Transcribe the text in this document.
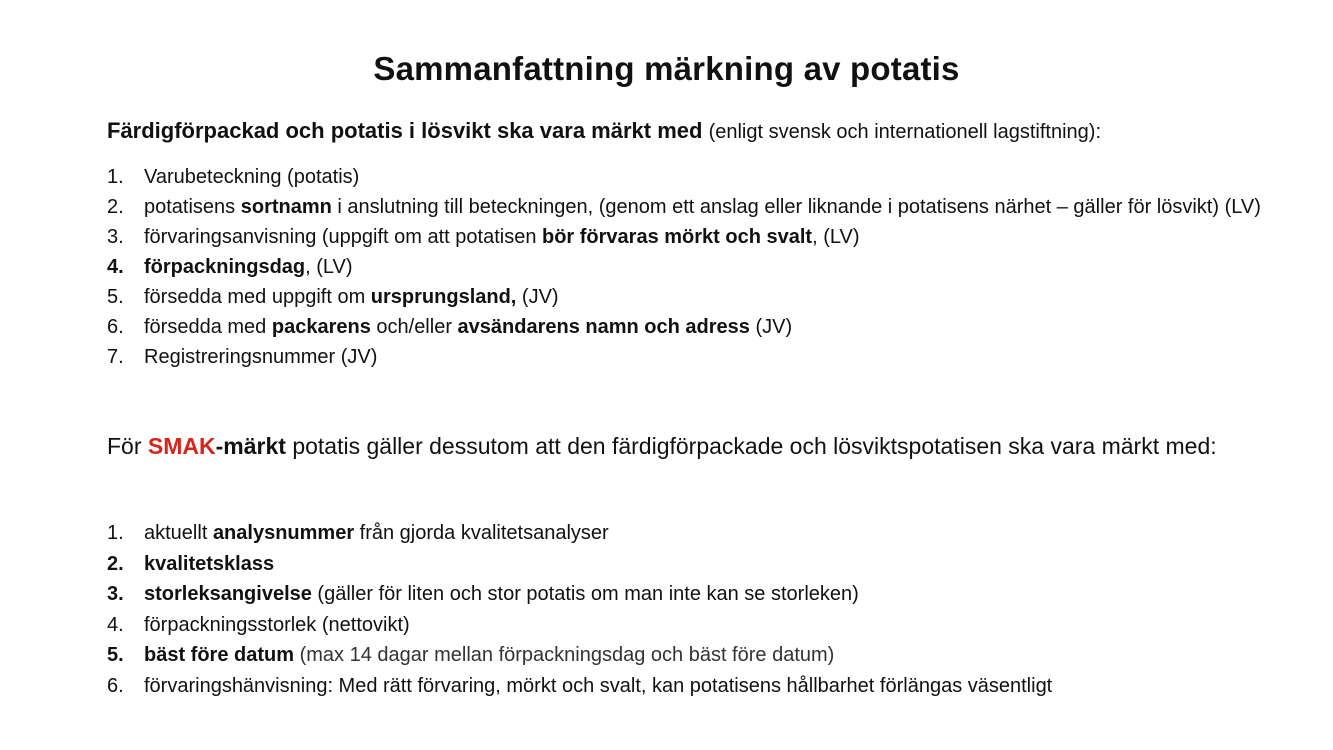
Sammanfattning märkning av potatis
Färdigförpackad och potatis i lösvikt ska vara märkt med (enligt svensk och internationell lagstiftning):
1. Varubeteckning (potatis)
2. potatisens sortnamn i anslutning till beteckningen, (genom ett anslag eller liknande i potatisens närhet – gäller för lösvikt) (LV)
3. förvaringsanvisning (uppgift om att potatisen bör förvaras mörkt och svalt, (LV)
4. förpackningsdag, (LV)
5. försedda med uppgift om ursprungsland, (JV)
6. försedda med packarens och/eller avsändarens namn och adress (JV)
7. Registreringsnummer (JV)
För SMAK-märkt potatis gäller dessutom att den färdigförpackade och lösviktspotatisen ska vara märkt med:
1. aktuellt analysnummer från gjorda kvalitetsanalyser
2. kvalitetsklass
3. storleksangivelse (gäller för liten och stor potatis om man inte kan se storleken)
4. förpackningsstorlek (nettovikt)
5. bäst före datum (max 14 dagar mellan förpackningsdag och bäst före datum)
6. förvaringshänvisning: Med rätt förvaring, mörkt och svalt, kan potatisens hållbarhet förlängas väsentligt
